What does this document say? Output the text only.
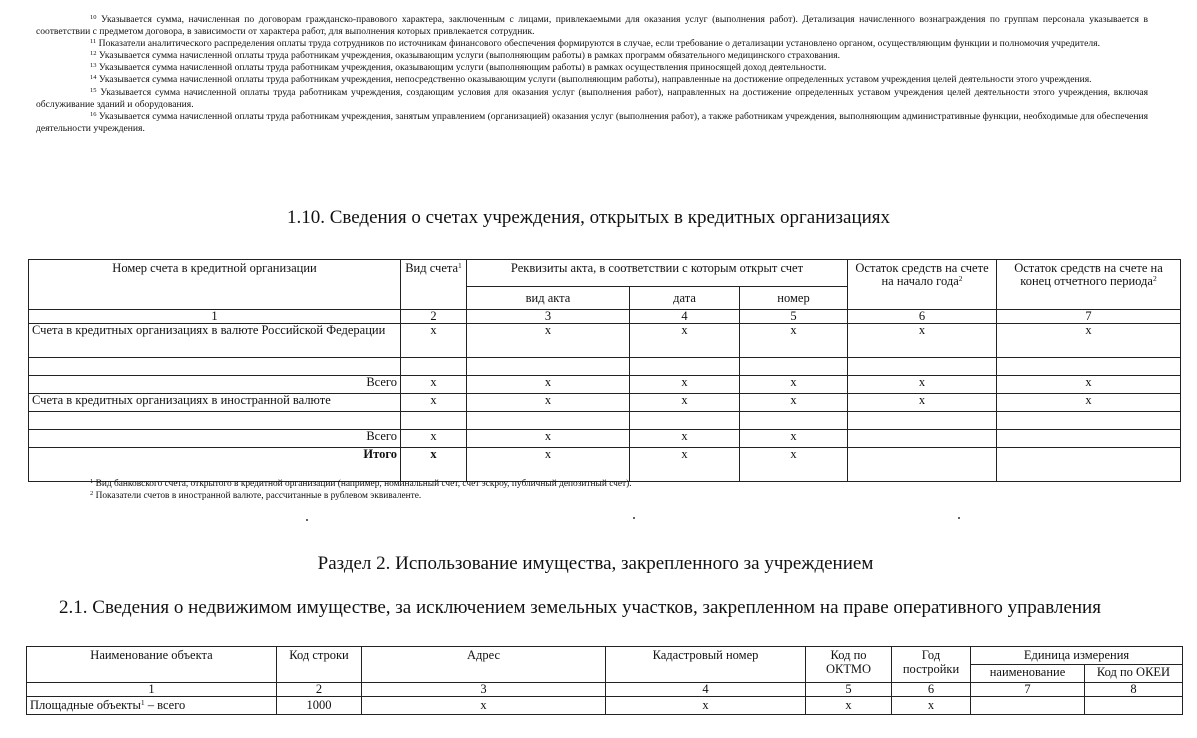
$^{10}$ Указывается сумма, начисленная по договорам гражданско-правового характера, заключенным с лицами, привлекаемыми для оказания услуг (выполнения работ). Детализация начисленного вознаграждения по группам персонала указывается в соответствии с предметом договора, в зависимости от характера работ, для выполнения которых привлекается сотрудник.

$^{11}$ Показатели аналитического распределения оплаты труда сотрудников по источникам финансового обеспечения формируются в случае, если требование о детализации установлено органом, осуществляющим функции и полномочия учредителя.

$^{12}$ Указывается сумма начисленной оплаты труда работникам учреждения, оказывающим услуги (выполняющим работы) в рамках программ обязательного медицинского страхования.

$^{13}$ Указывается сумма начисленной оплаты труда работникам учреждения, оказывающим услуги (выполняющим работы) в рамках осуществления приносящей доход деятельности.

$^{14}$ Указывается сумма начисленной оплаты труда работникам учреждения, непосредственно оказывающим услуги (выполняющим работы), направленные на достижение определенных уставом учреждения целей деятельности этого учреждения.

$^{15}$ Указывается сумма начисленной оплаты труда работникам учреждения, создающим условия для оказания услуг (выполнения работ), направленных на достижение определенных уставом учреждения целей деятельности этого учреждения, включая обслуживание зданий и оборудования.

$^{16}$ Указывается сумма начисленной оплаты труда работникам учреждения, занятым управлением (организацией) оказания услуг (выполнения работ), а также работникам учреждения, выполняющим административные функции, необходимые для обеспечения деятельности учреждения.

1.10. Сведения о счетах учреждения, открытых в кредитных организациях
Номер счета в кредитной организации	Вид счета$^1$	Реквизиты акта, в соответствии с которым открыт счет			Остаток средств на счете на начало года$^2$	Остаток средств на счете на конец отчетного периода$^2$
		вид акта	дата	номер		
1	2	3	4	5	6	7
Счета в кредитных организациях в валюте Российской Федерации	x	x	x	x	x	x

Всего	x	x	x	x	x	x
Счета в кредитных организациях в иностранной валюте	x	x	x	x	x	x

Всего	x	x	x	x		
Итого	x	x	x	x		

$^1$ Вид банковского счета, открытого в кредитной организации (например, номинальный счет, счет эскроу, публичный депозитный счет).

$^2$ Показатели счетов в иностранной валюте, рассчитанные в рублевом эквиваленте.

Раздел 2. Использование имущества, закрепленного за учреждением
2.1. Сведения о недвижимом имуществе, за исключением земельных участков, закрепленном на праве оперативного управления
Наименование объекта	Код строки	Адрес	Кадастровый номер	Код по ОКТМО	Год постройки	Единица измерения	
						наименование	Код по ОКЕИ
1	2	3	4	5	6	7	8
Площадные объекты$^1$ – всего	1000	x	x	x	x		
